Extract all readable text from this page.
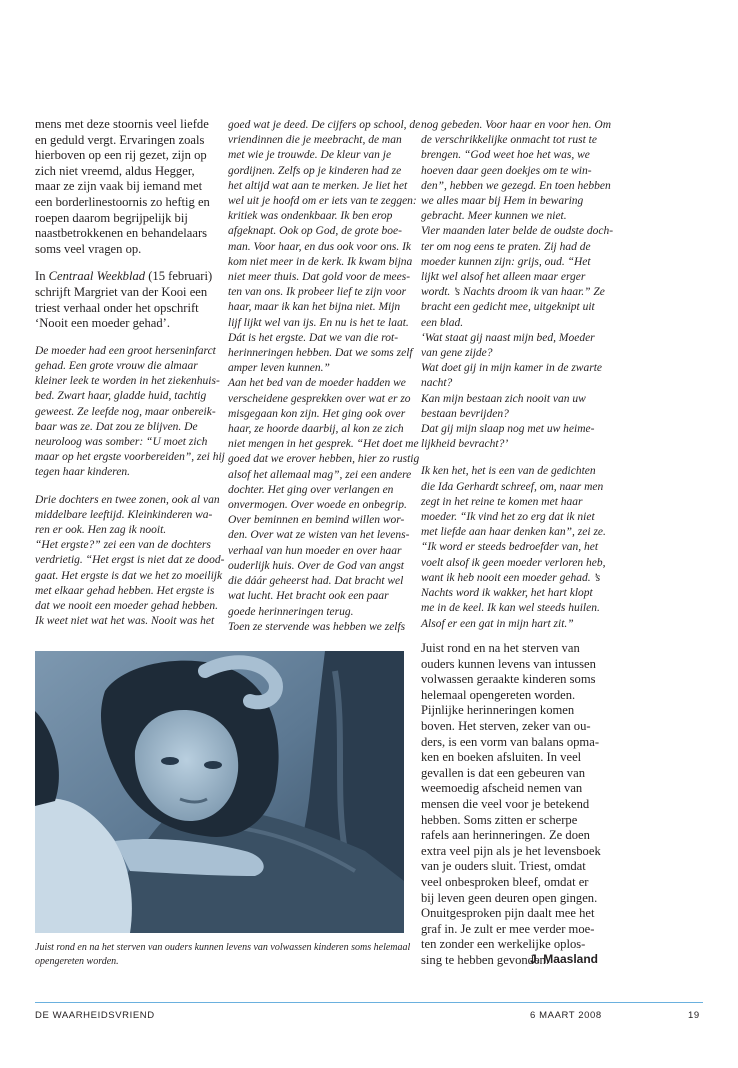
mens met deze stoornis veel liefde
en geduld vergt. Ervaringen zoals
hierboven op een rij gezet, zijn op
zich niet vreemd, aldus Hegger,
maar ze zijn vaak bij iemand met
een borderlinestoornis zo heftig en
roepen daarom begrijpelijk bij
naastbetrokkenen en behandelaars
soms veel vragen op.
In Centraal Weekblad (15 februari)
schrijft Margriet van der Kooi een
triest verhaal onder het opschrift
‘Nooit een moeder gehad’.
De moeder had een groot herseninfarct
gehad. Een grote vrouw die almaar
kleiner leek te worden in het ziekenhuis-
bed. Zwart haar, gladde huid, tachtig
geweest. Ze leefde nog, maar onbereik-
baar was ze. Dat zou ze blijven. De
neuroloog was somber: “U moet zich
maar op het ergste voorbereiden”, zei hij
tegen haar kinderen.
Drie dochters en twee zonen, ook al van
middelbare leeftijd. Kleinkinderen wa-
ren er ook. Hen zag ik nooit.
“Het ergste?” zei een van de dochters
verdrietig. “Het ergst is niet dat ze dood-
gaat. Het ergste is dat we het zo moeilijk
met elkaar gehad hebben. Het ergste is
dat we nooit een moeder gehad hebben.
Ik weet niet wat het was. Nooit was het
goed wat je deed. De cijfers op school, de
vriendinnen die je meebracht, de man
met wie je trouwde. De kleur van je
gordijnen. Zelfs op je kinderen had ze
het altijd wat aan te merken. Je liet het
wel uit je hoofd om er iets van te zeggen:
kritiek was ondenkbaar. Ik ben erop
afgeknapt. Ook op God, de grote boe-
man. Voor haar, en dus ook voor ons. Ik
kom niet meer in de kerk. Ik kwam bijna
niet meer thuis. Dat gold voor de mees-
ten van ons. Ik probeer lief te zijn voor
haar, maar ik kan het bijna niet. Mijn
lijf lijkt wel van ijs. En nu is het te laat.
Dát is het ergste. Dat we van die rot-
herinneringen hebben. Dat we soms zelf
amper leven kunnen.”
Aan het bed van de moeder hadden we
verscheidene gesprekken over wat er zo
misgegaan kon zijn. Het ging ook over
haar, ze hoorde daarbij, al kon ze zich
niet mengen in het gesprek. “Het doet me
goed dat we erover hebben, hier zo rustig
alsof het allemaal mag”, zei een andere
dochter. Het ging over verlangen en
onvermogen. Over woede en onbegrip.
Over beminnen en bemind willen wor-
den. Over wat ze wisten van het levens-
verhaal van hun moeder en over haar
ouderlijk huis. Over de God van angst
die dáár geheerst had. Dat bracht wel
wat lucht. Het bracht ook een paar
goede herinneringen terug.
Toen ze stervende was hebben we zelfs
nog gebeden. Voor haar en voor hen. Om
de verschrikkelijke onmacht tot rust te
brengen. “God weet hoe het was, we
hoeven daar geen doekjes om te win-
den”, hebben we gezegd. En toen hebben
we alles maar bij Hem in bewaring
gebracht. Meer kunnen we niet.
Vier maanden later belde de oudste doch-
ter om nog eens te praten. Zij had de
moeder kunnen zijn: grijs, oud. “Het
lijkt wel alsof het alleen maar erger
wordt. ’s Nachts droom ik van haar.” Ze
bracht een gedicht mee, uitgeknipt uit
een blad.
‘Wat staat gij naast mijn bed, Moeder
van gene zijde?
Wat doet gij in mijn kamer in de zwarte
nacht?
Kan mijn bestaan zich nooit van uw
bestaan bevrijden?
Dat gij mijn slaap nog met uw heime-
lijkheid bevracht?’
Ik ken het, het is een van de gedichten
die Ida Gerhardt schreef, om, naar men
zegt in het reine te komen met haar
moeder. “Ik vind het zo erg dat ik niet
met liefde aan haar denken kan”, zei ze.
“Ik word er steeds bedroefder van, het
voelt alsof ik geen moeder verloren heb,
want ik heb nooit een moeder gehad. ’s
Nachts word ik wakker, het hart klopt
me in de keel. Ik kan wel steeds huilen.
Alsof er een gat in mijn hart zit.”
Juist rond en na het sterven van
ouders kunnen levens van intussen
volwassen geraakte kinderen soms
helemaal opengereten worden.
Pijnlijke herinneringen komen
boven. Het sterven, zeker van ou-
ders, is een vorm van balans opma-
ken en boeken afsluiten. In veel
gevallen is dat een gebeuren van
weemoedig afscheid nemen van
mensen die veel voor je betekend
hebben. Soms zitten er scherpe
rafels aan herinneringen. Ze doen
extra veel pijn als je het levensboek
van je ouders sluit. Triest, omdat
veel onbesproken bleef, omdat er
bij leven geen deuren open gingen.
Onuitgesproken pijn daalt mee het
graf in. Je zult er mee verder moe-
ten zonder een werkelijke oplos-
sing te hebben gevonden.
J. Maasland
Juist rond en na het sterven van ouders kunnen levens van volwassen kinderen soms helemaal
opengereten worden.
DE WAARHEIDSVRIEND	6 MAART 2008	19
